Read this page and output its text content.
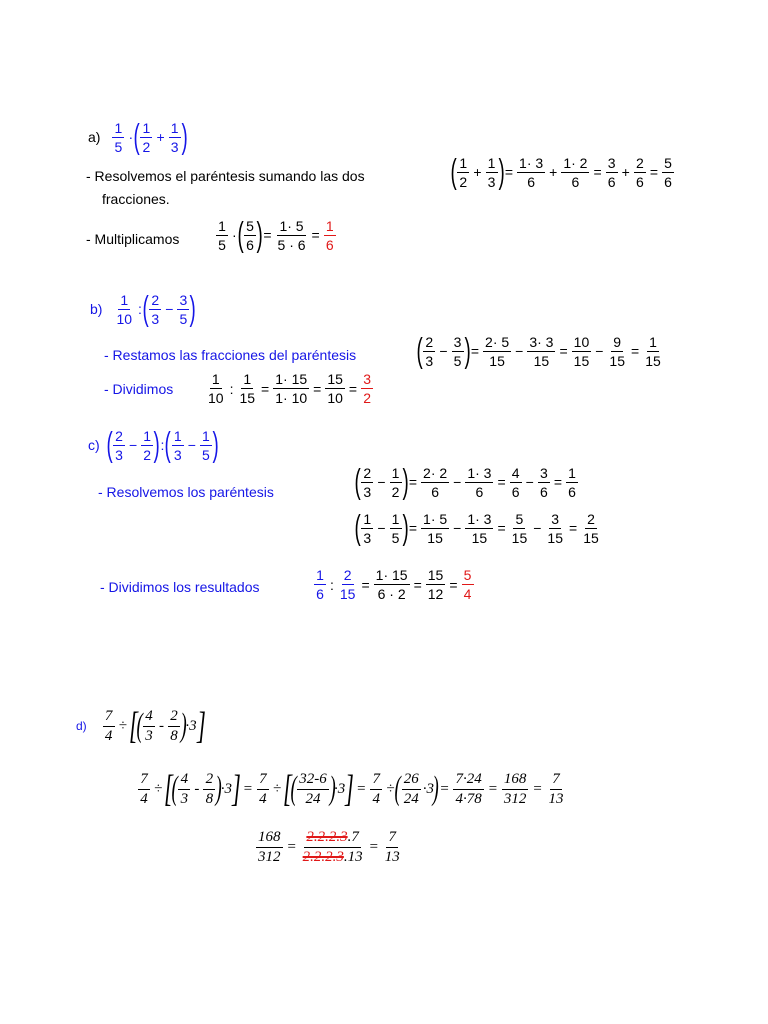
$a) \frac{1}{5}$ · ( $\frac{1}{2} + \frac{1}{3}$ )
- Resolvemos el paréntesis sumando las dos
fracciones.
( $\frac{1}{2} + \frac{1}{3}$ ) = $\frac{1\cdot 3}{6} + \frac{1\cdot 2}{6} = \frac{3}{6} + \frac{2}{6} = \frac{5}{6}$
- Multiplicamos	$\frac{1}{5}$ · ( $\frac{5}{6}$ ) = $\frac{1\cdot 5}{5 \cdot 6} = \frac{1}{6}$
$b) \frac{1}{10}$ : ( $\frac{2}{3} - \frac{3}{5}$ )
- Restamos las fracciones del paréntesis ( $\frac{2}{3} - \frac{3}{5}$ ) = $\frac{2\cdot 5}{15} - \frac{3\cdot 3}{15} = \frac{10}{15} - \frac{9}{15} = \frac{1}{15}$
- Dividimos $\frac{1}{10}$ : $\frac{1}{15} = \frac{1\cdot 15}{1\cdot 10} = \frac{15}{10} = \frac{3}{2}$
c) ( $\frac{2}{3} - \frac{1}{2}$ ) : ( $\frac{1}{3} - \frac{1}{5}$ )
- Resolvemos los paréntesis ( $\frac{2}{3} - \frac{1}{2}$ ) = $\frac{2\cdot 2}{6} - \frac{1\cdot 3}{6} = \frac{4}{6} - \frac{3}{6} = \frac{1}{6}$
( $\frac{1}{3} - \frac{1}{5}$ ) = $\frac{1\cdot 5}{15} - \frac{1\cdot 3}{15} = \frac{5}{15} - \frac{3}{15} = \frac{2}{15}$
- Dividimos los resultados	$\frac{1}{6}$ : $\frac{2}{15} = \frac{1\cdot 15}{6 \cdot 2} = \frac{15}{12} = \frac{5}{4}$
$d) \frac{7}{4}$ ÷ [
( $\frac{4}{3} - \frac{2}{8}$ )
·3 ]
$\frac{7}{4}$ ÷ [
( $\frac{4}{3} - \frac{2}{8}$ )
·3 ] = $\frac{7}{4}$ ÷ [
( $\frac{32-6}{24}$ )
·3 ] = $\frac{7}{4}$ ÷ ( $\frac{26}{24} \cdot 3$
) = $\frac{7\cdot 24}{4\cdot 78} = \frac{168}{312} = \frac{7}{13}$
$\frac{168}{312} = \frac{2.2.2.3.7}{2.2.2.3.13} = \frac{7}{13}$
